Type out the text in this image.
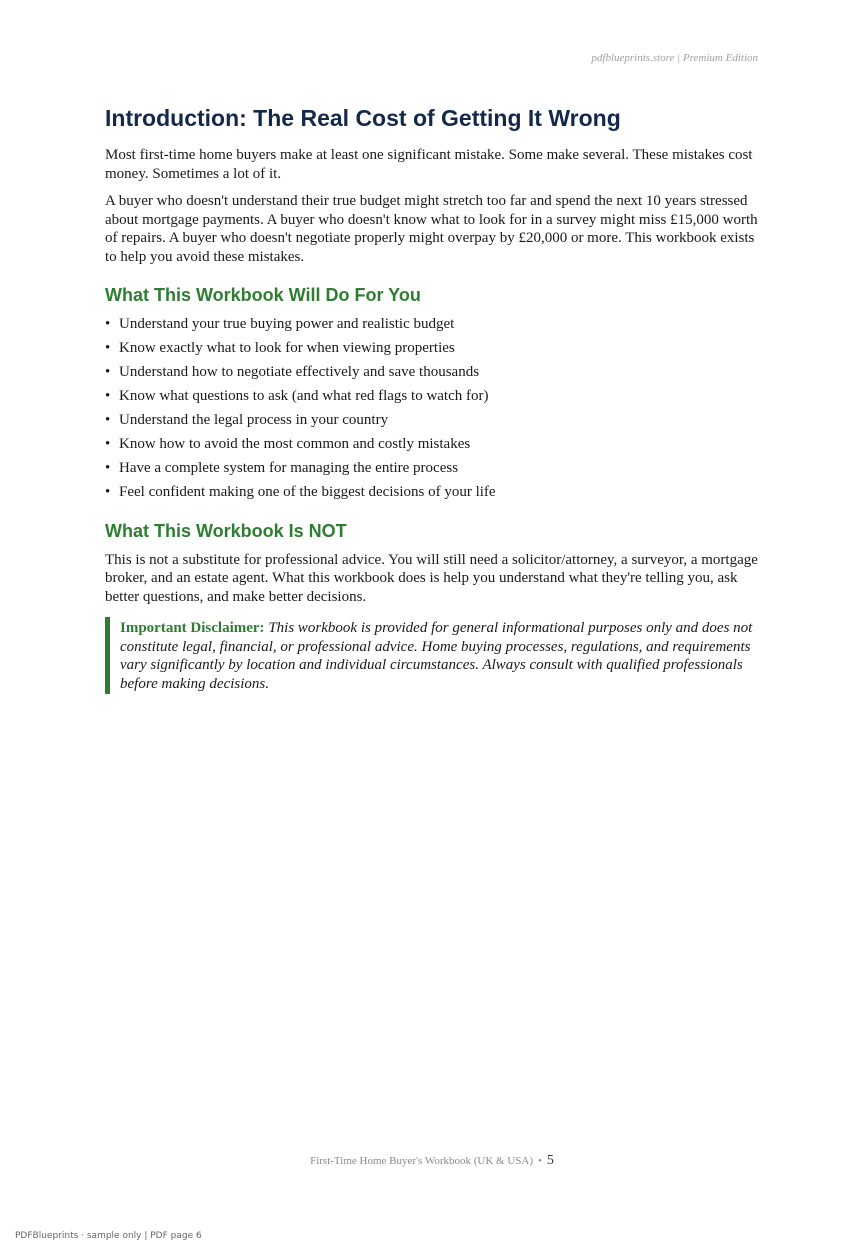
pdfblueprints.store | Premium Edition
Introduction: The Real Cost of Getting It Wrong

Most first-time home buyers make at least one significant mistake. Some make several. These mistakes cost money. Sometimes a lot of it.

A buyer who doesn't understand their true budget might stretch too far and spend the next 10 years stressed about mortgage payments. A buyer who doesn't know what to look for in a survey might miss £15,000 worth of repairs. A buyer who doesn't negotiate properly might overpay by £20,000 or more. This workbook exists to help you avoid these mistakes.

What This Workbook Will Do For You
• Understand your true buying power and realistic budget
• Know exactly what to look for when viewing properties
• Understand how to negotiate effectively and save thousands
• Know what questions to ask (and what red flags to watch for)
• Understand the legal process in your country
• Know how to avoid the most common and costly mistakes
• Have a complete system for managing the entire process
• Feel confident making one of the biggest decisions of your life
What This Workbook Is NOT

This is not a substitute for professional advice. You will still need a solicitor/attorney, a surveyor, a mortgage broker, and an estate agent. What this workbook does is help you understand what they're telling you, ask better questions, and make better decisions.

Important Disclaimer: This workbook is provided for general informational purposes only and does not constitute legal, financial, or professional advice. Home buying processes, regulations, and requirements vary significantly by location and individual circumstances. Always consult with qualified professionals before making decisions.
First-Time Home Buyer's Workbook (UK & USA) • 5
PDFBlueprints · sample only | PDF page 6
